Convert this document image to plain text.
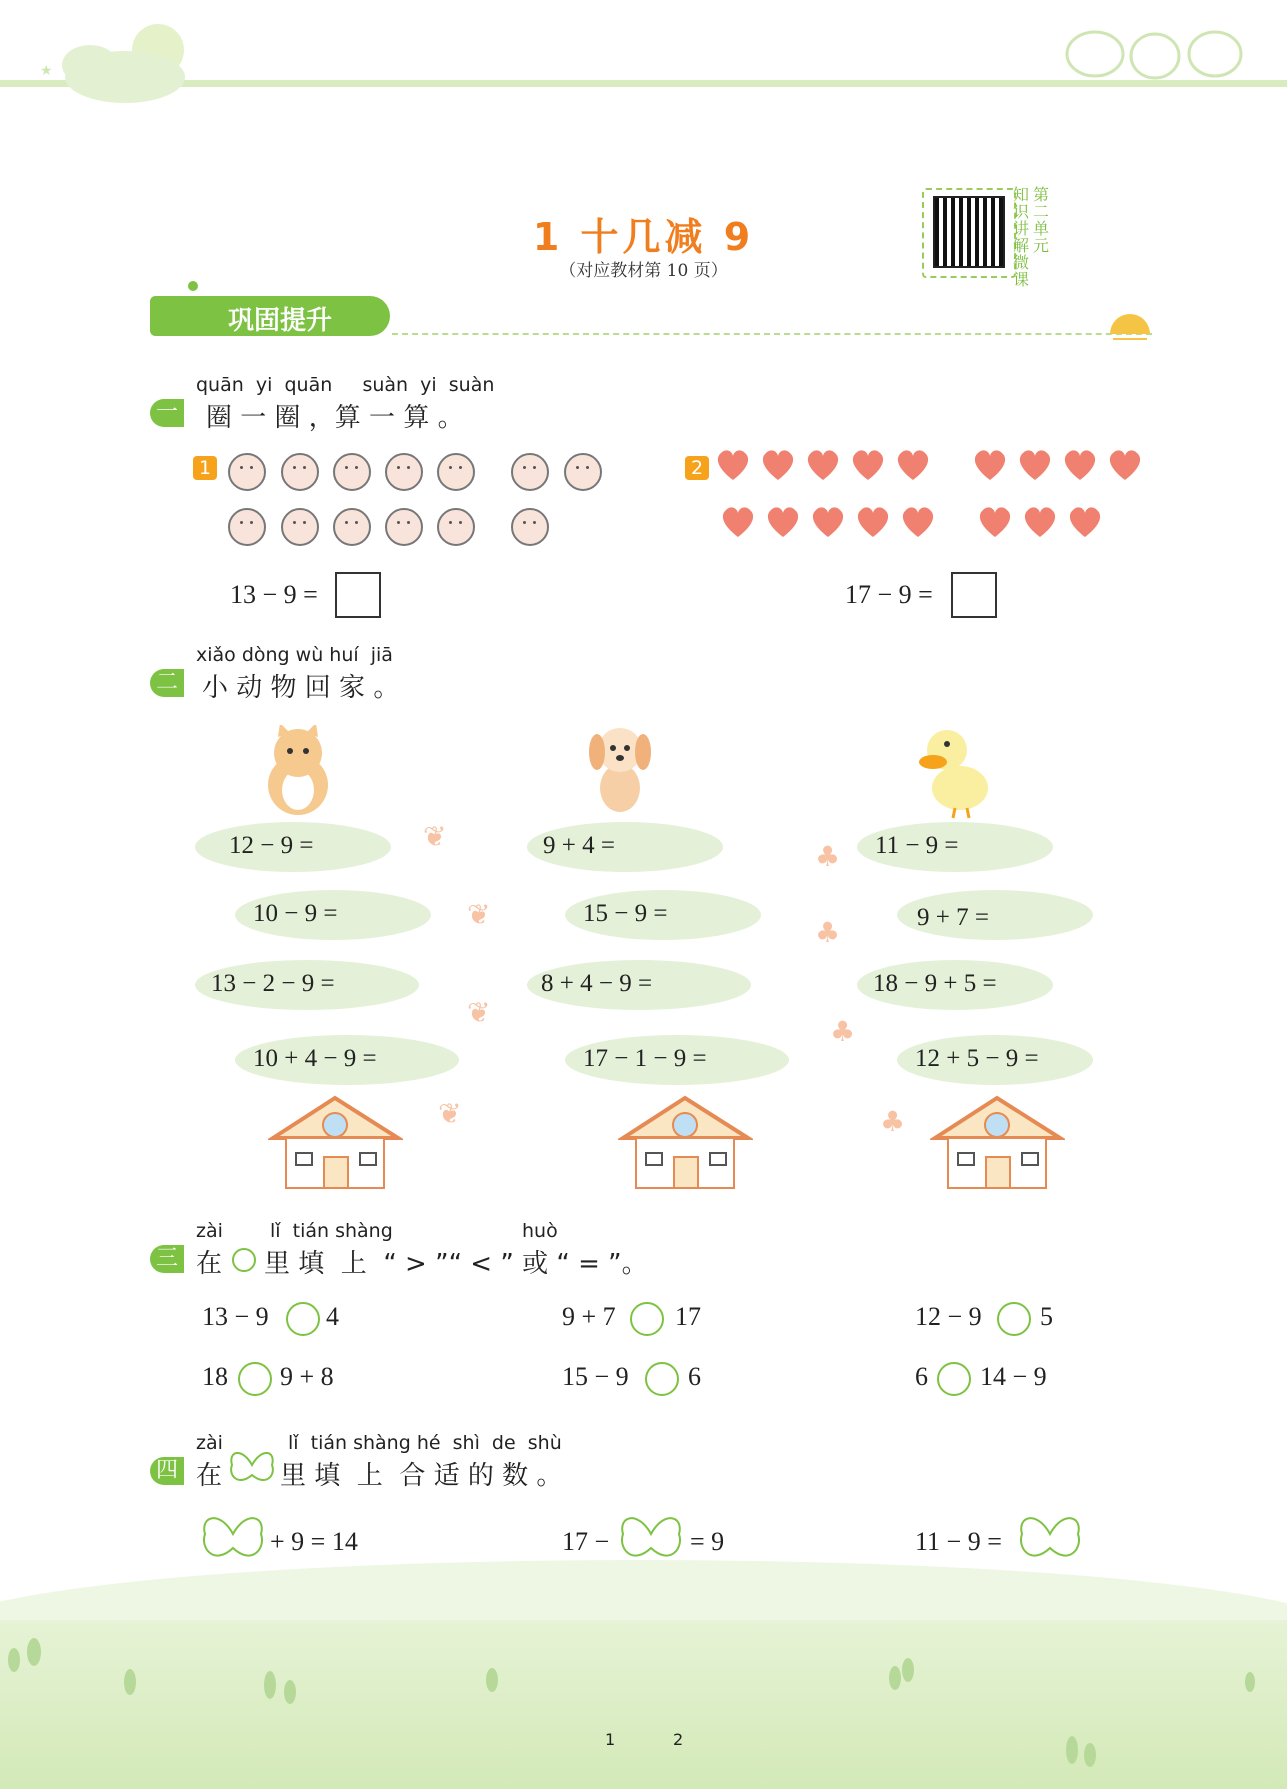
★
1 十几减 9
（对应教材第 10 页）
知识讲解微课
第二单元
巩固提升
quān  yi  quān     suàn  yi  suàn
一 圈 一 圈 ，算 一 算 。
1
13 − 9 =
2
17 − 9 =
xiǎo dòng wù huí  jiā
二 小 动 物 回 家 。
12 − 9 =
10 − 9 =
13 − 2 − 9 =
10 + 4 − 9 =
9 + 4 =
15 − 9 =
8 + 4 − 9 =
17 − 1 − 9 =
11 − 9 =
9 + 7 =
18 − 9 + 5 =
12 + 5 − 9 =
❦
❦
❦
❦
♣
♣
♣
♣
zài lǐ  tián shàng	huò
三 在 里 填  上  “ > ”“ < ” 或 “ = ”。
13 − 9 4	9 + 7 17	12 − 9 5
18 9 + 8	15 − 9 6	6 14 − 9
zài	lǐ  tián shàng hé  shì  de  shù
四 在 里 填  上  合 适 的 数 。
+ 9 = 14	17 −	= 9	11 − 9 =
1	2
